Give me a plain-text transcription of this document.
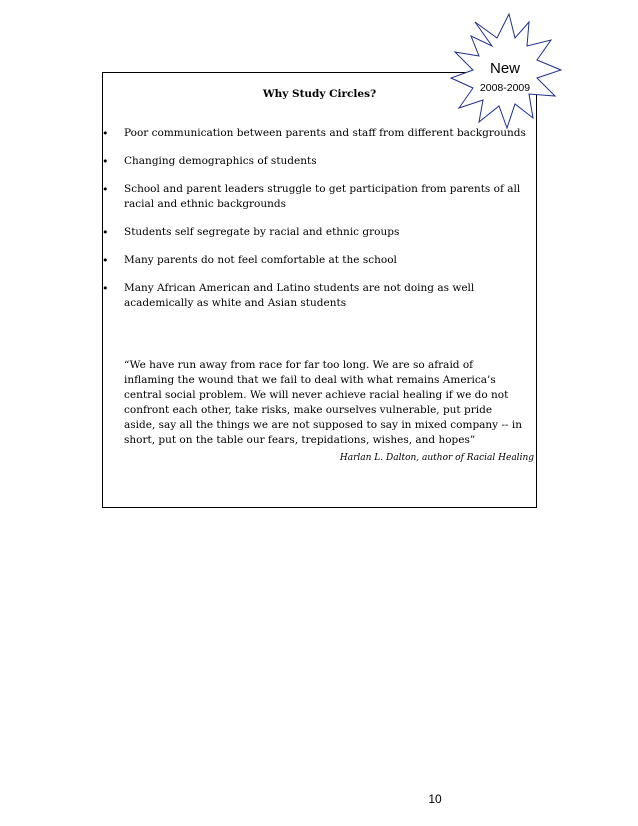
Why Study Circles?
• Poor communication between parents and staff from different backgrounds
• Changing demographics of students
• School and parent leaders struggle to get participation from parents of all racial and ethnic backgrounds
• Students self segregate by racial and ethnic groups
• Many parents do not feel comfortable at the school
• Many African American and Latino students are not doing as well academically as white and Asian students

“We have run away from race for far too long. We are so afraid of inflaming the wound that we fail to deal with what remains America’s central social problem. We will never achieve racial healing if we do not confront each other, take risks, make ourselves vulnerable, put pride aside, say all the things we are not supposed to say in mixed company -- in short, put on the table our fears, trepidations, wishes, and hopes”

Harlan L. Dalton, author of Racial Healing

New
2008-2009
10
